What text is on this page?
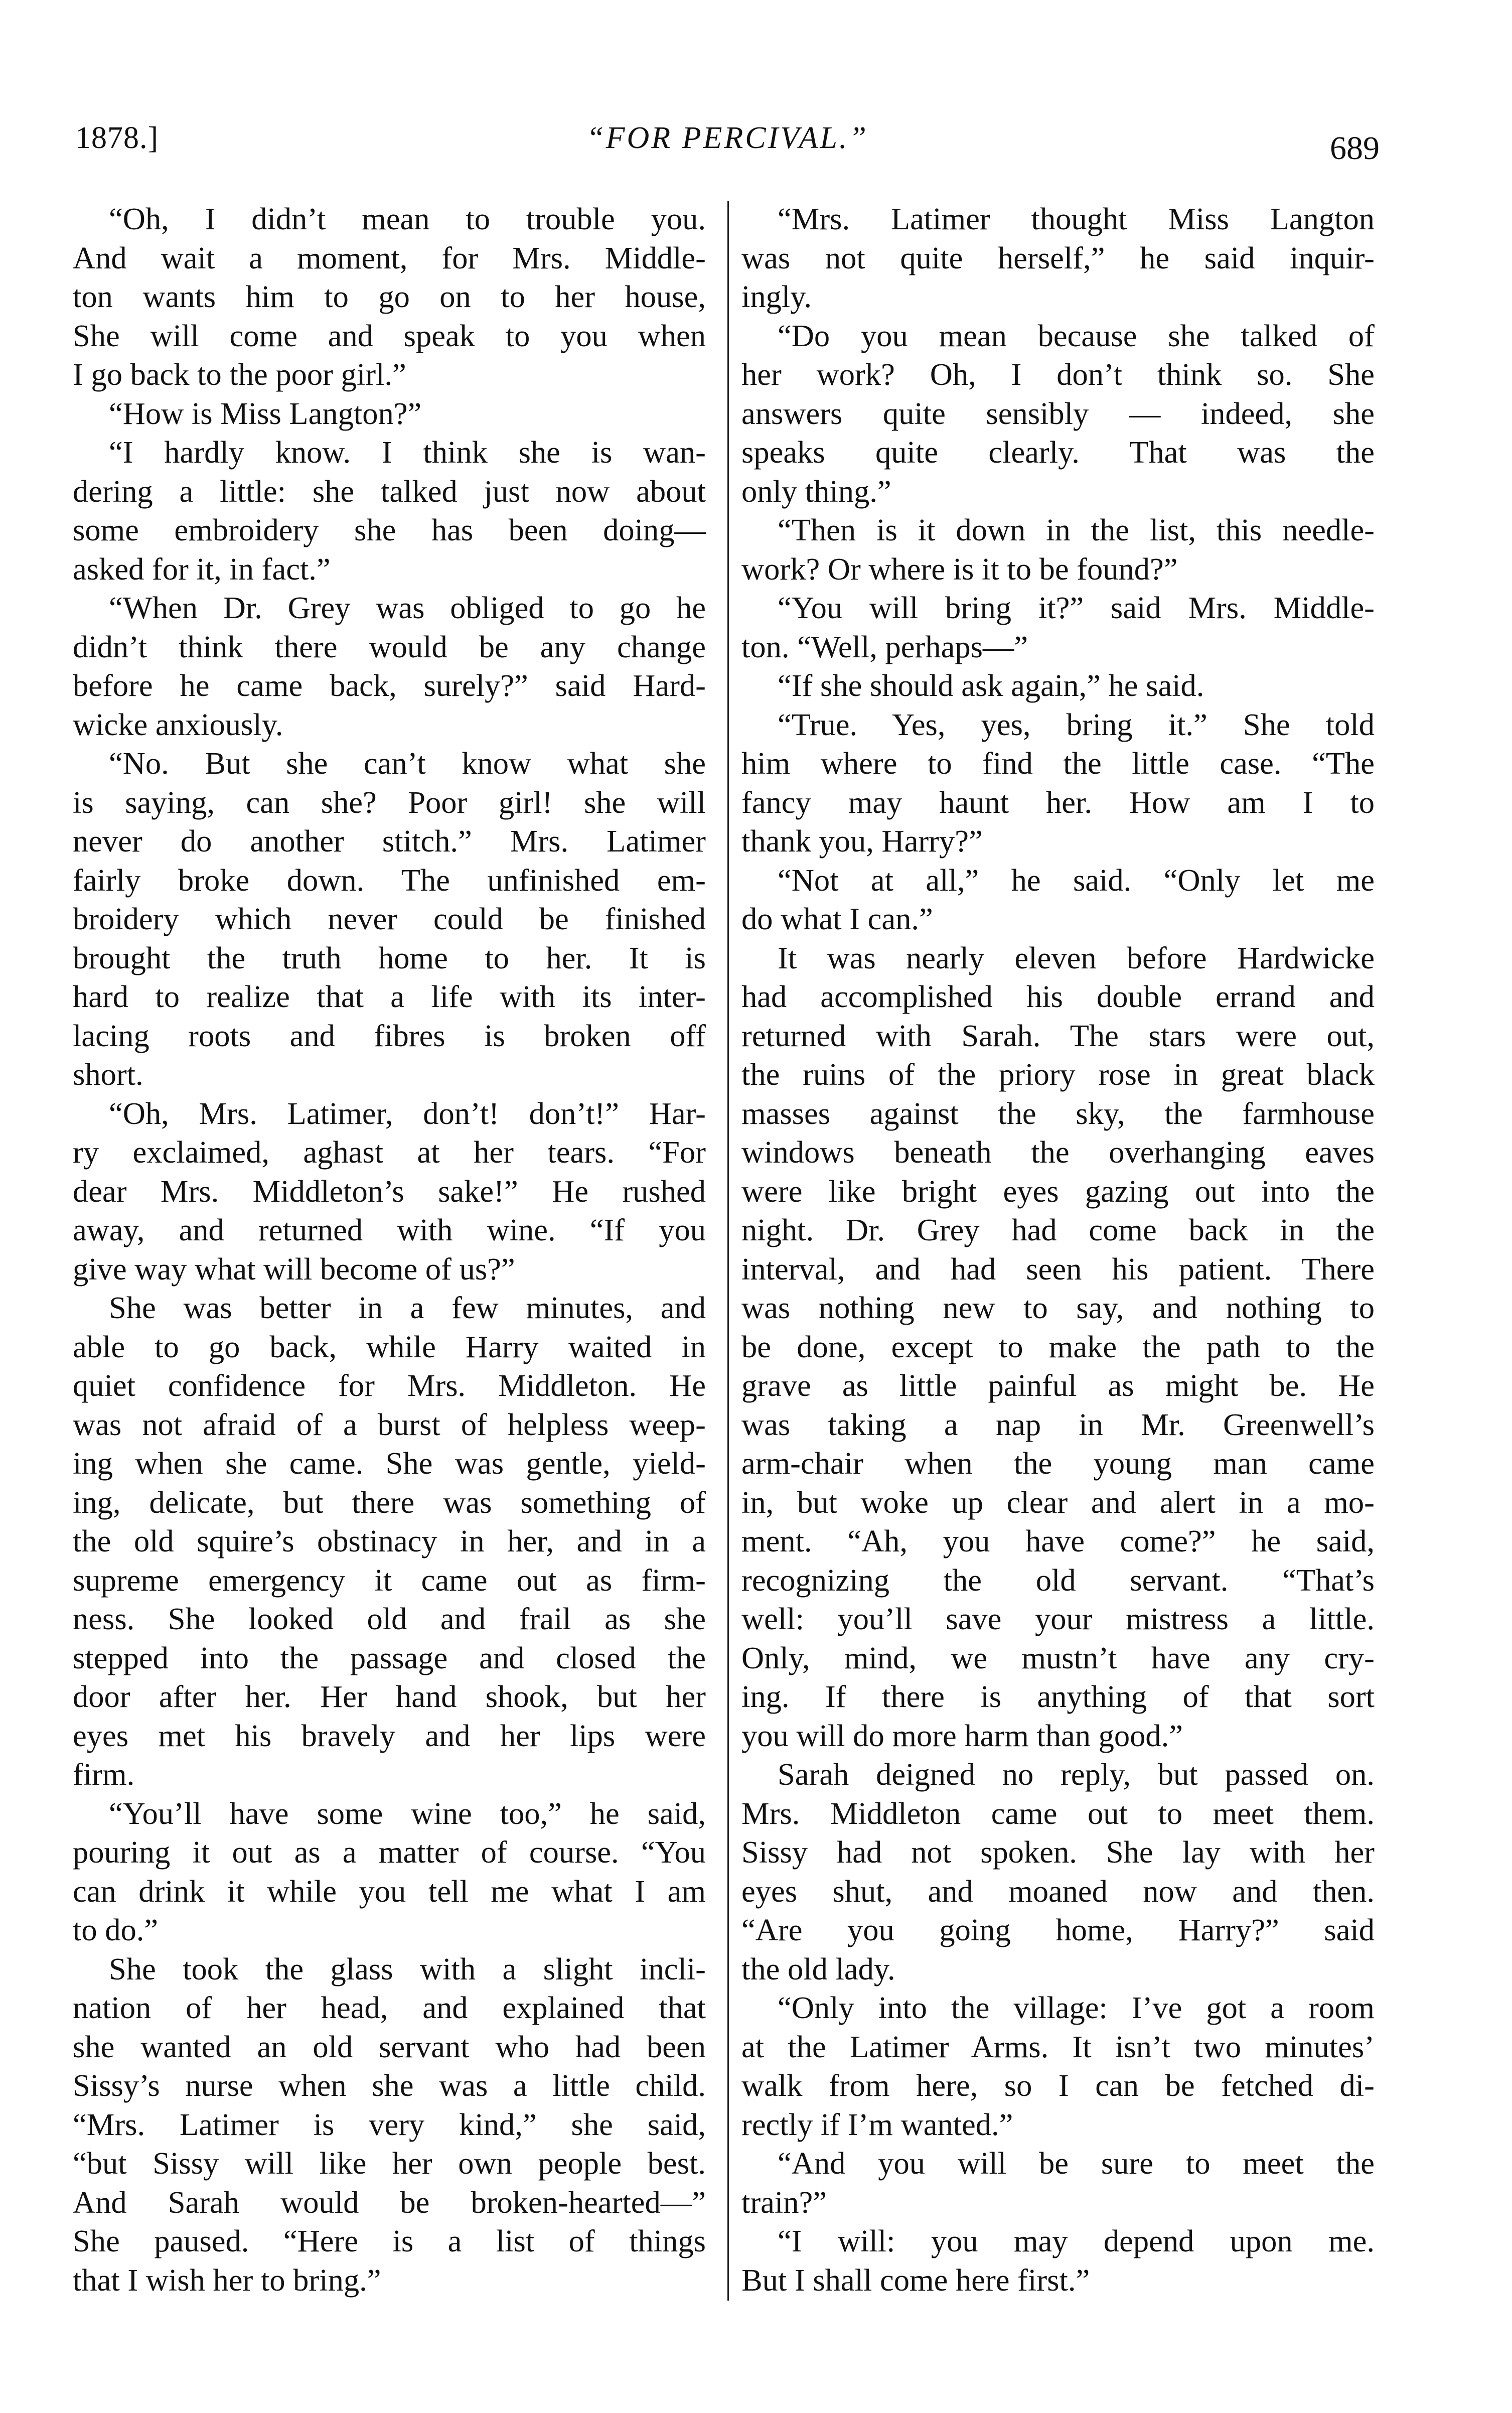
1878.]	“FOR PERCIVAL.”	689
“Oh, I didn’t mean to trouble you.
And wait a moment, for Mrs. Middle-
ton wants him to go on to her house,
She will come and speak to you when
I go back to the poor girl.”
“How is Miss Langton?”
“I hardly know. I think she is wan-
dering a little: she talked just now about
some embroidery she has been doing—
asked for it, in fact.”
“When Dr. Grey was obliged to go he
didn’t think there would be any change
before he came back, surely?” said Hard-
wicke anxiously.
“No. But she can’t know what she
is saying, can she? Poor girl! she will
never do another stitch.” Mrs. Latimer
fairly broke down. The unfinished em-
broidery which never could be finished
brought the truth home to her. It is
hard to realize that a life with its inter-
lacing roots and fibres is broken off
short.
“Oh, Mrs. Latimer, don’t! don’t!” Har-
ry exclaimed, aghast at her tears. “For
dear Mrs. Middleton’s sake!” He rushed
away, and returned with wine. “If you
give way what will become of us?”
She was better in a few minutes, and
able to go back, while Harry waited in
quiet confidence for Mrs. Middleton. He
was not afraid of a burst of helpless weep-
ing when she came. She was gentle, yield-
ing, delicate, but there was something of
the old squire’s obstinacy in her, and in a
supreme emergency it came out as firm-
ness. She looked old and frail as she
stepped into the passage and closed the
door after her. Her hand shook, but her
eyes met his bravely and her lips were
firm.
“You’ll have some wine too,” he said,
pouring it out as a matter of course. “You
can drink it while you tell me what I am
to do.”
She took the glass with a slight incli-
nation of her head, and explained that
she wanted an old servant who had been
Sissy’s nurse when she was a little child.
“Mrs. Latimer is very kind,” she said,
“but Sissy will like her own people best.
And Sarah would be broken-hearted—”
She paused. “Here is a list of things
that I wish her to bring.”
“Mrs. Latimer thought Miss Langton
was not quite herself,” he said inquir-
ingly.
“Do you mean because she talked of
her work? Oh, I don’t think so. She
answers quite sensibly — indeed, she
speaks quite clearly. That was the
only thing.”
“Then is it down in the list, this needle-
work? Or where is it to be found?”
“You will bring it?” said Mrs. Middle-
ton. “Well, perhaps—”
“If she should ask again,” he said.
“True. Yes, yes, bring it.” She told
him where to find the little case. “The
fancy may haunt her. How am I to
thank you, Harry?”
“Not at all,” he said. “Only let me
do what I can.”
It was nearly eleven before Hardwicke
had accomplished his double errand and
returned with Sarah. The stars were out,
the ruins of the priory rose in great black
masses against the sky, the farmhouse
windows beneath the overhanging eaves
were like bright eyes gazing out into the
night. Dr. Grey had come back in the
interval, and had seen his patient. There
was nothing new to say, and nothing to
be done, except to make the path to the
grave as little painful as might be. He
was taking a nap in Mr. Greenwell’s
arm-chair when the young man came
in, but woke up clear and alert in a mo-
ment. “Ah, you have come?” he said,
recognizing the old servant. “That’s
well: you’ll save your mistress a little.
Only, mind, we mustn’t have any cry-
ing. If there is anything of that sort
you will do more harm than good.”
Sarah deigned no reply, but passed on.
Mrs. Middleton came out to meet them.
Sissy had not spoken. She lay with her
eyes shut, and moaned now and then.
“Are you going home, Harry?” said
the old lady.
“Only into the village: I’ve got a room
at the Latimer Arms. It isn’t two minutes’
walk from here, so I can be fetched di-
rectly if I’m wanted.”
“And you will be sure to meet the
train?”
“I will: you may depend upon me.
But I shall come here first.”
